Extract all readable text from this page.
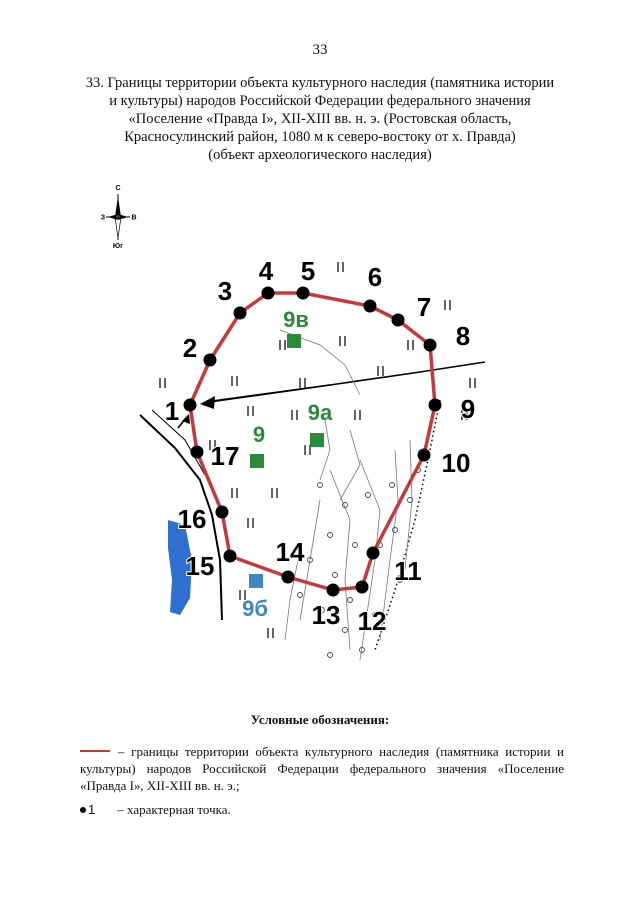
33
33. Границы территории объекта культурного наследия (памятника истории
и культуры) народов Российской Федерации федерального значения
«Поселение «Правда I», XII-XIII вв. н. э. (Ростовская область,
Красносулинский район, 1080 м к северо-востоку от х. Правда)
(объект археологического наследия)
С
З	В
Юг
9в
9а
9
9б
1
2
3
4 5 6
7
8
9
10
11
12
13
14
15
16
17
Условные обозначения:
– границы территории объекта культурного наследия (памятника истории и культуры) народов Российской Федерации федерального значения «Поселение «Правда I», XII-XIII вв. н. э.;
1 – характерная точка.
